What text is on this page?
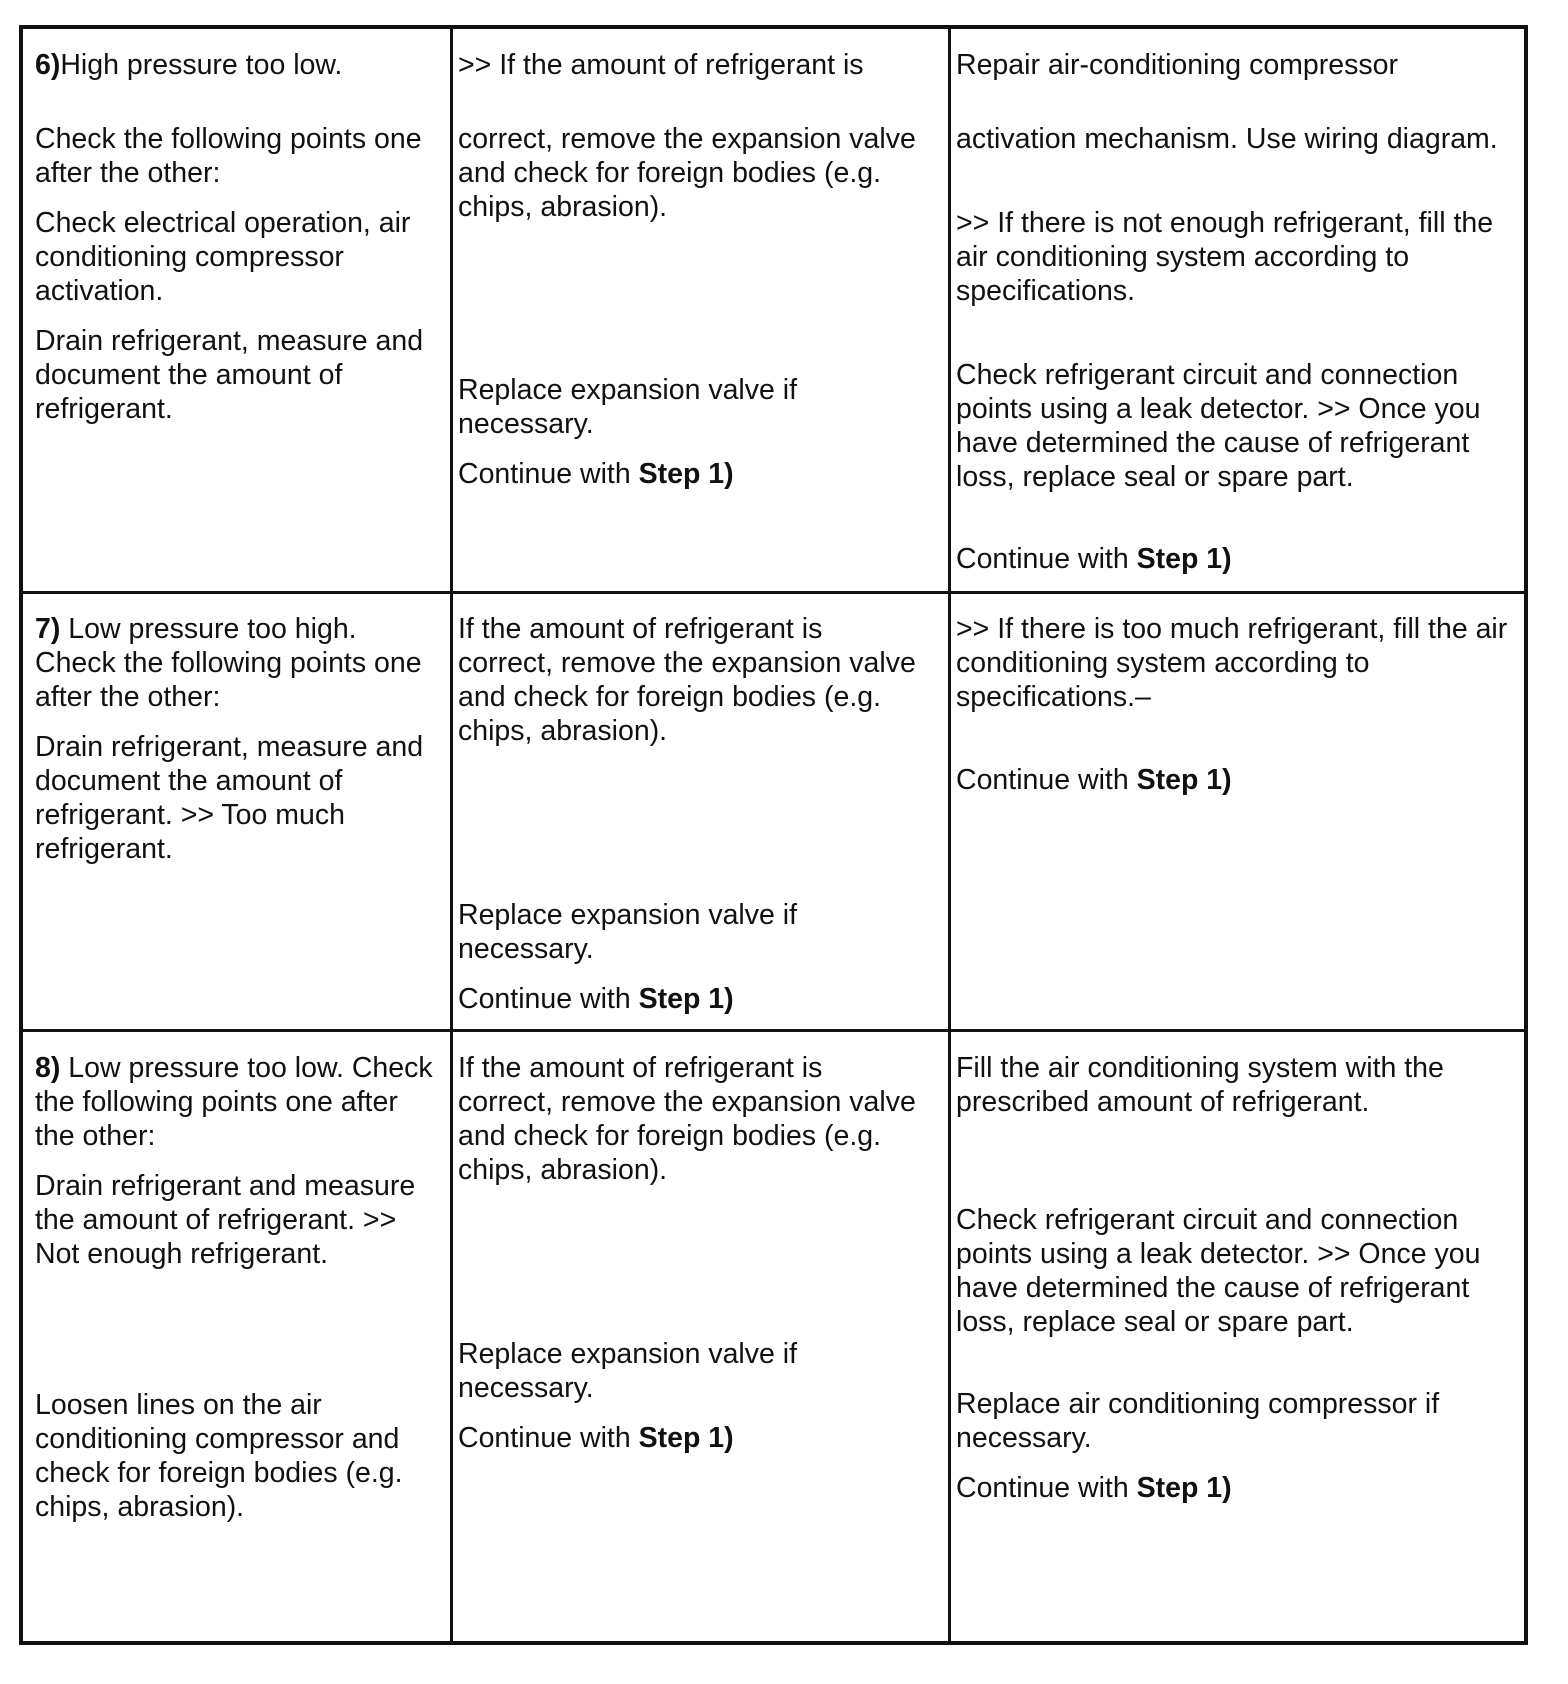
6)High pressure too low.

Check the following points one after the other:

Check electrical operation, air conditioning compressor activation.

Drain refrigerant, measure and document the amount of refrigerant.

>> If the amount of refrigerant is

correct, remove the expansion valve and check for foreign bodies (e.g. chips, abrasion).

Replace expansion valve if necessary.

Continue with Step 1)

Repair air-conditioning compressor

activation mechanism. Use wiring diagram.

>> If there is not enough refrigerant, fill the air conditioning system according to specifications.

Check refrigerant circuit and connection points using a leak detector. >> Once you have determined the cause of refrigerant loss, replace seal or spare part.

Continue with Step 1)

7) Low pressure too high. Check the following points one after the other:

Drain refrigerant, measure and document the amount of refrigerant. >> Too much refrigerant.

If the amount of refrigerant is correct, remove the expansion valve and check for foreign bodies (e.g. chips, abrasion).

Replace expansion valve if necessary.

Continue with Step 1)

>> If there is too much refrigerant, fill the air conditioning system according to specifications.–

Continue with Step 1)

8) Low pressure too low. Check the following points one after the other:

Drain refrigerant and measure the amount of refrigerant. >> Not enough refrigerant.

Loosen lines on the air conditioning compressor and check for foreign bodies (e.g. chips, abrasion).

If the amount of refrigerant is correct, remove the expansion valve and check for foreign bodies (e.g. chips, abrasion).

Replace expansion valve if necessary.

Continue with Step 1)

Fill the air conditioning system with the prescribed amount of refrigerant.

Check refrigerant circuit and connection points using a leak detector. >> Once you have determined the cause of refrigerant loss, replace seal or spare part.

Replace air conditioning compressor if necessary.

Continue with Step 1)
